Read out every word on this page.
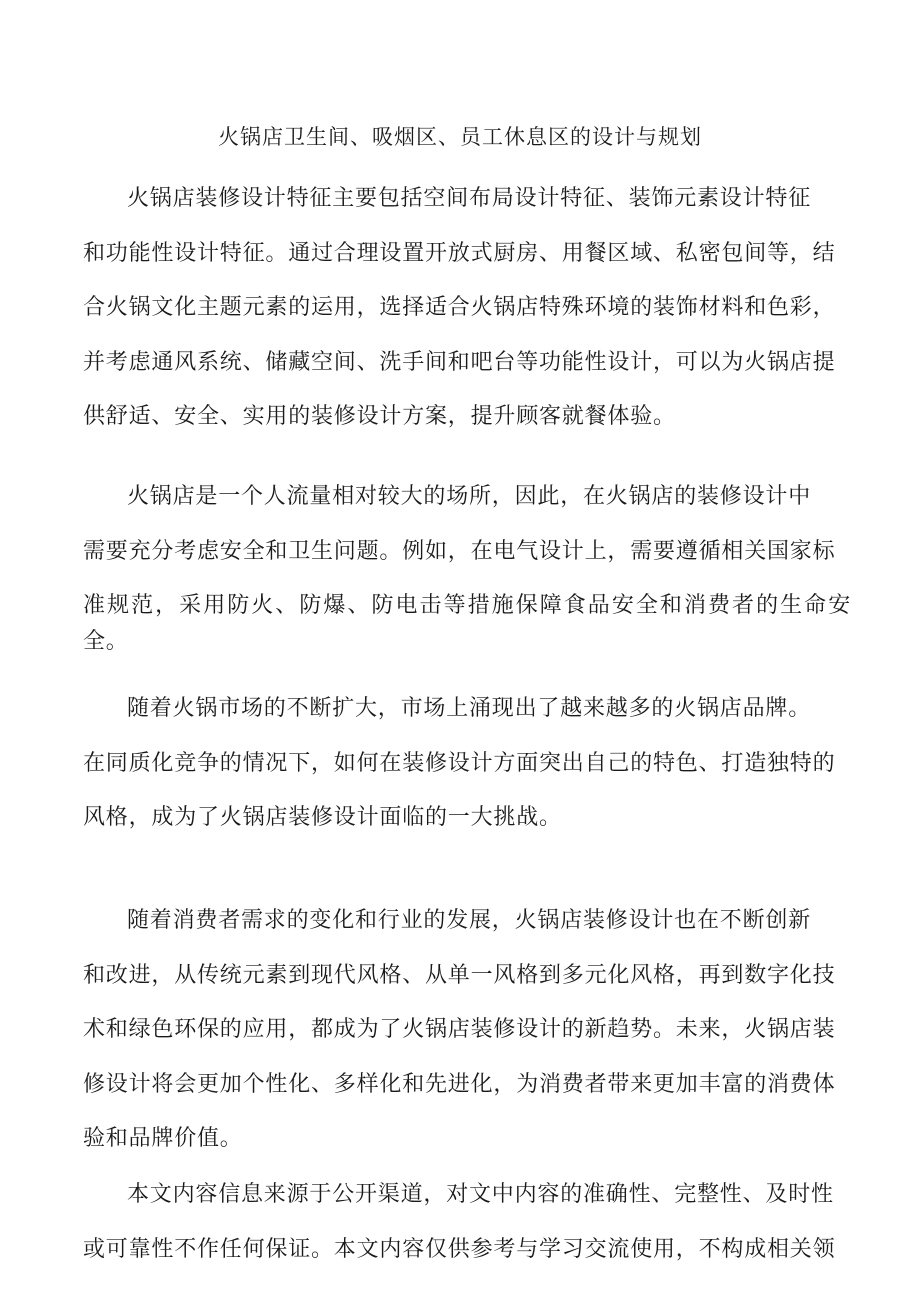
火锅店卫生间、吸烟区、员工休息区的设计与规划

火锅店装修设计特征主要包括空间布局设计特征、装饰元素设计特征
和功能性设计特征。通过合理设置开放式厨房、用餐区域、私密包间等，结
合火锅文化主题元素的运用，选择适合火锅店特殊环境的装饰材料和色彩，
并考虑通风系统、储藏空间、洗手间和吧台等功能性设计，可以为火锅店提
供舒适、安全、实用的装修设计方案，提升顾客就餐体验。

火锅店是一个人流量相对较大的场所，因此，在火锅店的装修设计中
需要充分考虑安全和卫生问题。例如，在电气设计上，需要遵循相关国家标
准规范，采用防火、防爆、防电击等措施保障食品安全和消费者的生命安全。

随着火锅市场的不断扩大，市场上涌现出了越来越多的火锅店品牌。
在同质化竞争的情况下，如何在装修设计方面突出自己的特色、打造独特的
风格，成为了火锅店装修设计面临的一大挑战。

随着消费者需求的变化和行业的发展，火锅店装修设计也在不断创新
和改进，从传统元素到现代风格、从单一风格到多元化风格，再到数字化技
术和绿色环保的应用，都成为了火锅店装修设计的新趋势。未来，火锅店装
修设计将会更加个性化、多样化和先进化，为消费者带来更加丰富的消费体
验和品牌价值。

本文内容信息来源于公开渠道，对文中内容的准确性、完整性、及时性
或可靠性不作任何保证。本文内容仅供参考与学习交流使用，不构成相关领
